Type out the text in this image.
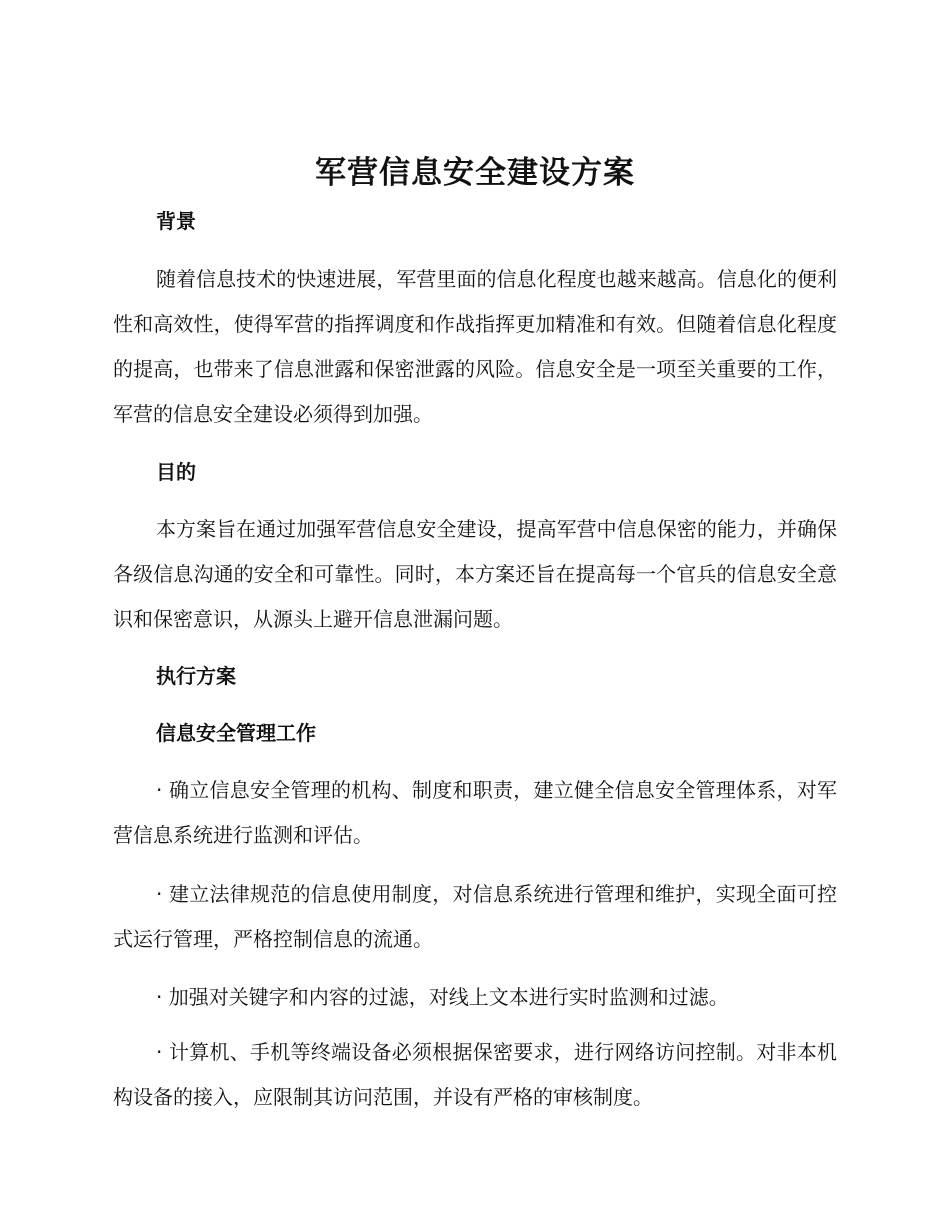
军营信息安全建设方案
背景

随着信息技术的快速进展，军营里面的信息化程度也越来越高。信息化的便利性和高效性，使得军营的指挥调度和作战指挥更加精准和有效。但随着信息化程度的提高，也带来了信息泄露和保密泄露的风险。信息安全是一项至关重要的工作，军营的信息安全建设必须得到加强。

目的

本方案旨在通过加强军营信息安全建设，提高军营中信息保密的能力，并确保各级信息沟通的安全和可靠性。同时，本方案还旨在提高每一个官兵的信息安全意识和保密意识，从源头上避开信息泄漏问题。

执行方案
信息安全管理工作

· 确立信息安全管理的机构、制度和职责，建立健全信息安全管理体系，对军营信息系统进行监测和评估。

· 建立法律规范的信息使用制度，对信息系统进行管理和维护，实现全面可控式运行管理，严格控制信息的流通。

· 加强对关键字和内容的过滤，对线上文本进行实时监测和过滤。

· 计算机、手机等终端设备必须根据保密要求，进行网络访问控制。对非本机构设备的接入，应限制其访问范围，并设有严格的审核制度。
